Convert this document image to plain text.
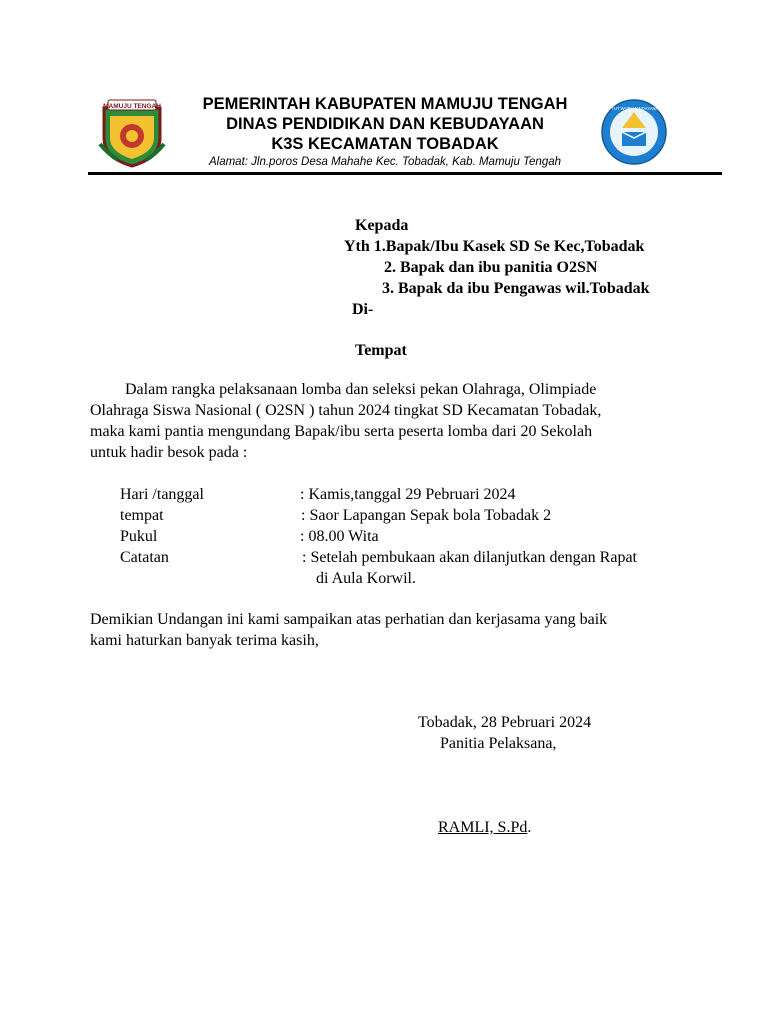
MAMUJU TENGAH	TUT WURI HANDAYANI
PEMERINTAH KABUPATEN MAMUJU TENGAH
DINAS PENDIDIKAN DAN KEBUDAYAAN
K3S KECAMATAN TOBADAK
Alamat: Jln.poros Desa Mahahe Kec. Tobadak, Kab. Mamuju Tengah
Kepada
Yth 1.Bapak/Ibu Kasek SD Se Kec,Tobadak
2. Bapak dan ibu panitia O2SN
3. Bapak da ibu Pengawas wil.Tobadak
Di-
Tempat
Dalam rangka pelaksanaan lomba dan seleksi pekan Olahraga, Olimpiade
Olahraga Siswa Nasional ( O2SN ) tahun 2024 tingkat SD Kecamatan Tobadak,
maka kami pantia mengundang Bapak/ibu serta peserta lomba dari 20 Sekolah
untuk hadir besok pada :
Hari /tanggal	: Kamis,tanggal 29 Pebruari 2024
tempat	: Saor Lapangan Sepak bola Tobadak 2
Pukul	: 08.00 Wita
Catatan	: Setelah pembukaan akan dilanjutkan dengan Rapat
di Aula Korwil.
Demikian Undangan ini kami sampaikan atas perhatian dan kerjasama yang baik
kami haturkan banyak terima kasih,
Tobadak, 28 Pebruari 2024
Panitia Pelaksana,
RAMLI, S.Pd.
